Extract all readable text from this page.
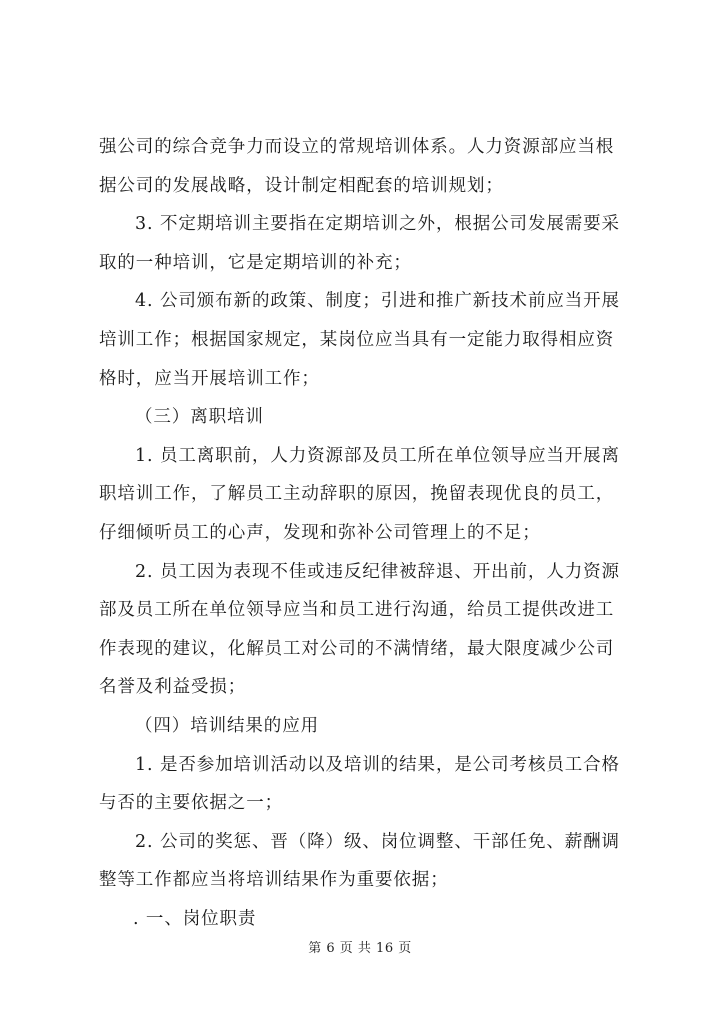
强公司的综合竞争力而设立的常规培训体系。人力资源部应当根
据公司的发展战略，设计制定相配套的培训规划；
3. 不定期培训主要指在定期培训之外，根据公司发展需要采
取的一种培训，它是定期培训的补充；
4. 公司颁布新的政策、制度；引进和推广新技术前应当开展
培训工作；根据国家规定，某岗位应当具有一定能力取得相应资
格时，应当开展培训工作；
（三）离职培训
1. 员工离职前，人力资源部及员工所在单位领导应当开展离
职培训工作，了解员工主动辞职的原因，挽留表现优良的员工，
仔细倾听员工的心声，发现和弥补公司管理上的不足；
2. 员工因为表现不佳或违反纪律被辞退、开出前，人力资源
部及员工所在单位领导应当和员工进行沟通，给员工提供改进工
作表现的建议，化解员工对公司的不满情绪，最大限度减少公司
名誉及利益受损；
（四）培训结果的应用
1. 是否参加培训活动以及培训的结果，是公司考核员工合格
与否的主要依据之一；
2. 公司的奖惩、晋（降）级、岗位调整、干部任免、薪酬调
整等工作都应当将培训结果作为重要依据；
. 一、岗位职责
第 6 页 共 16 页
